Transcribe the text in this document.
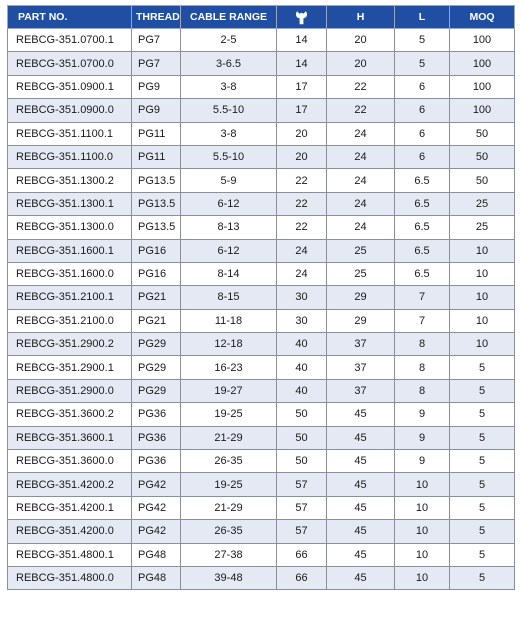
PART NO.	THREAD	CABLE RANGE		H	L	MOQ
REBCG-351.0700.1	PG7	2-5	14	20	5	100
REBCG-351.0700.0	PG7	3-6.5	14	20	5	100
REBCG-351.0900.1	PG9	3-8	17	22	6	100
REBCG-351.0900.0	PG9	5.5-10	17	22	6	100
REBCG-351.1100.1	PG11	3-8	20	24	6	50
REBCG-351.1100.0	PG11	5.5-10	20	24	6	50
REBCG-351.1300.2	PG13.5	5-9	22	24	6.5	50
REBCG-351.1300.1	PG13.5	6-12	22	24	6.5	25
REBCG-351.1300.0	PG13.5	8-13	22	24	6.5	25
REBCG-351.1600.1	PG16	6-12	24	25	6.5	10
REBCG-351.1600.0	PG16	8-14	24	25	6.5	10
REBCG-351.2100.1	PG21	8-15	30	29	7	10
REBCG-351.2100.0	PG21	11-18	30	29	7	10
REBCG-351.2900.2	PG29	12-18	40	37	8	10
REBCG-351.2900.1	PG29	16-23	40	37	8	5
REBCG-351.2900.0	PG29	19-27	40	37	8	5
REBCG-351.3600.2	PG36	19-25	50	45	9	5
REBCG-351.3600.1	PG36	21-29	50	45	9	5
REBCG-351.3600.0	PG36	26-35	50	45	9	5
REBCG-351.4200.2	PG42	19-25	57	45	10	5
REBCG-351.4200.1	PG42	21-29	57	45	10	5
REBCG-351.4200.0	PG42	26-35	57	45	10	5
REBCG-351.4800.1	PG48	27-38	66	45	10	5
REBCG-351.4800.0	PG48	39-48	66	45	10	5
